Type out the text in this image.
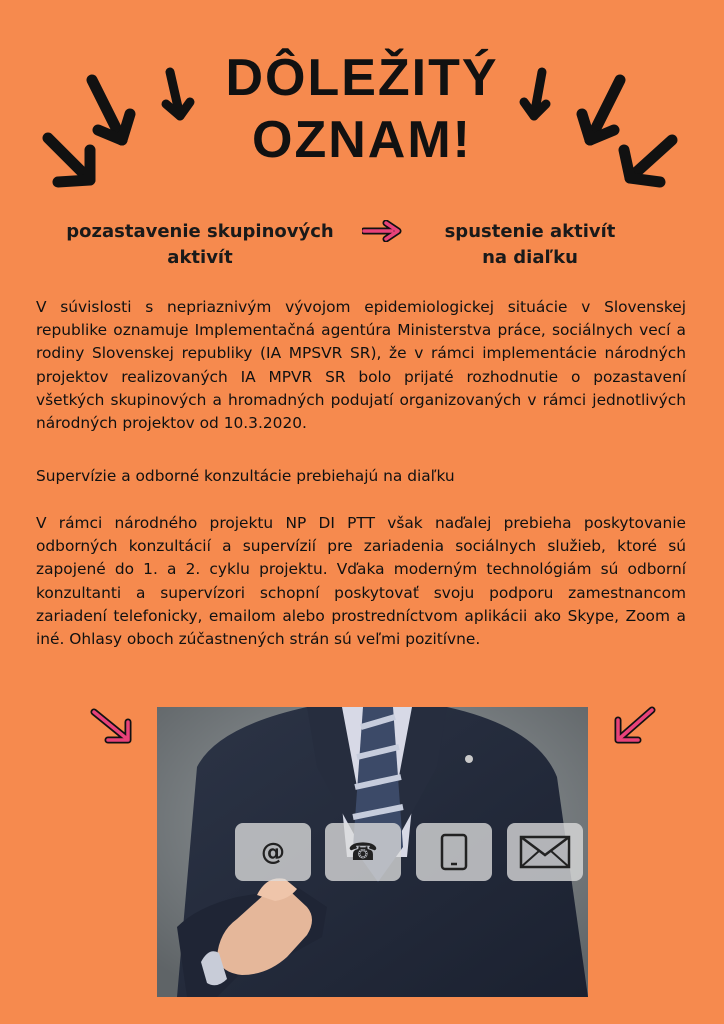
DÔLEŽITÝ
OZNAM!
pozastavenie skupinových
aktivít
spustenie aktivít
na diaľku
V súvislosti s nepriaznivým vývojom epidemiologickej situácie v Slovenskej republike oznamuje Implementačná agentúra Ministerstva práce, sociálnych vecí a rodiny Slovenskej republiky (IA MPSVR SR), že v rámci implementácie národných projektov realizovaných IA MPVR SR bolo prijaté rozhodnutie o pozastavení všetkých skupinových a hromadných podujatí organizovaných v rámci jednotlivých národných projektov od 10.3.2020.
Supervízie a odborné konzultácie prebiehajú na diaľku
V rámci národného projektu NP DI PTT však naďalej prebieha poskytovanie odborných konzultácií a supervízií pre zariadenia sociálnych služieb, ktoré sú zapojené do 1. a 2. cyklu projektu. Vďaka moderným technológiám sú odborní konzultanti a supervízori schopní poskytovať svoju podporu zamestnancom zariadení telefonicky, emailom alebo prostredníctvom aplikácii ako Skype, Zoom a iné. Ohlasy oboch zúčastnených strán sú veľmi pozitívne.
@	☎
